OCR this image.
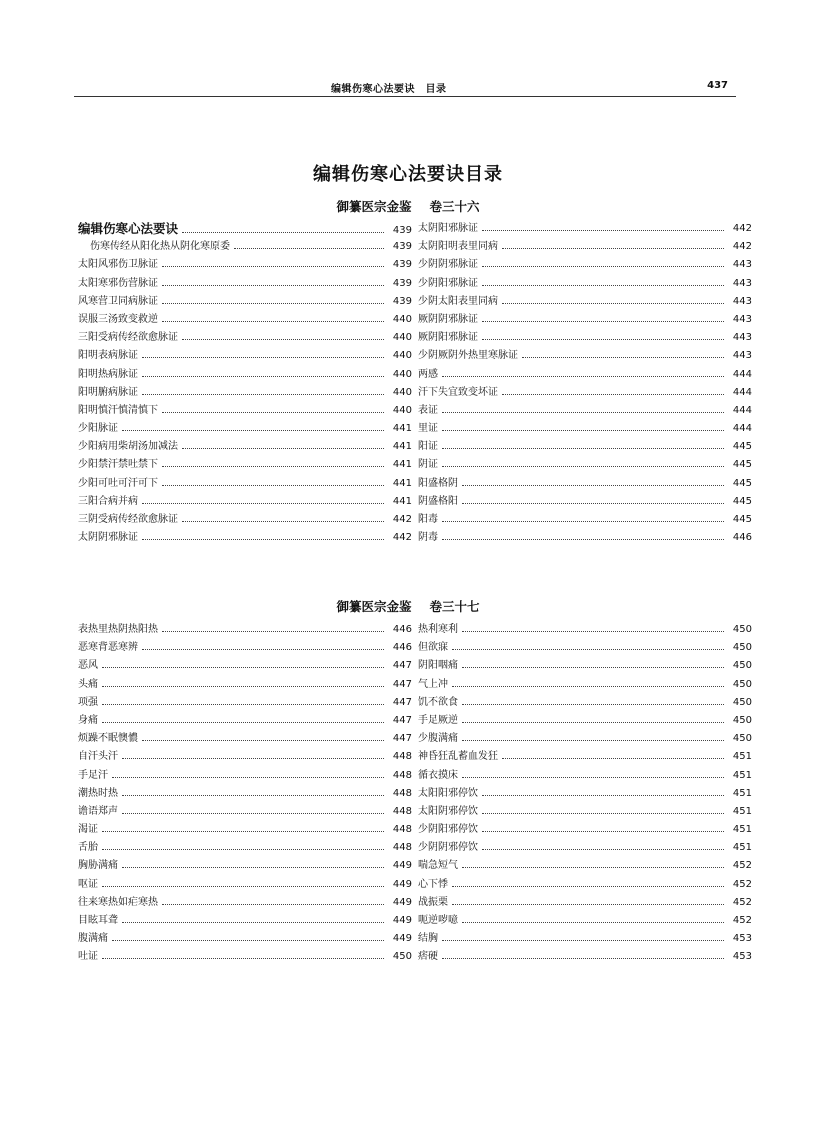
编辑伤寒心法要诀　目录	437
编辑伤寒心法要诀目录
御纂医宗金鉴 卷三十六
编辑伤寒心法要诀	439
伤寒传经从阳化热从阴化寒原委	439
太阳风邪伤卫脉证	439
太阳寒邪伤营脉证	439
风寒营卫同病脉证	439
误服三汤致变救逆	440
三阳受病传经欲愈脉证	440
阳明表病脉证	440
阳明热病脉证	440
阳明腑病脉证	440
阳明慎汗慎清慎下	440
少阳脉证	441
少阳病用柴胡汤加减法	441
少阳禁汗禁吐禁下	441
少阳可吐可汗可下	441
三阳合病并病	441
三阴受病传经欲愈脉证	442
太阴阴邪脉证	442
太阴阳邪脉证	442
太阴阳明表里同病	442
少阴阴邪脉证	443
少阴阳邪脉证	443
少阴太阳表里同病	443
厥阴阴邪脉证	443
厥阴阳邪脉证	443
少阴厥阴外热里寒脉证	443
两感	444
汗下失宜致变坏证	444
表证	444
里证	444
阳证	445
阴证	445
阳盛格阴	445
阴盛格阳	445
阳毒	445
阴毒	446
御纂医宗金鉴 卷三十七
表热里热阴热阳热	446
恶寒背恶寒辨	446
恶风	447
头痛	447
项强	447
身痛	447
烦躁不眠懊憹	447
自汗头汗	448
手足汗	448
潮热时热	448
谵语郑声	448
渴证	448
舌胎	448
胸胁满痛	449
呕证	449
往来寒热如疟寒热	449
目眩耳聋	449
腹满痛	449
吐证	450
热利寒利	450
但欲寐	450
阴阳咽痛	450
气上冲	450
饥不欲食	450
手足厥逆	450
少腹满痛	450
神昏狂乱蓄血发狂	451
循衣摸床	451
太阳阳邪停饮	451
太阳阴邪停饮	451
少阴阳邪停饮	451
少阴阴邪停饮	451
喘急短气	452
心下悸	452
战振栗	452
呃逆哕噫	452
结胸	453
痞硬	453
